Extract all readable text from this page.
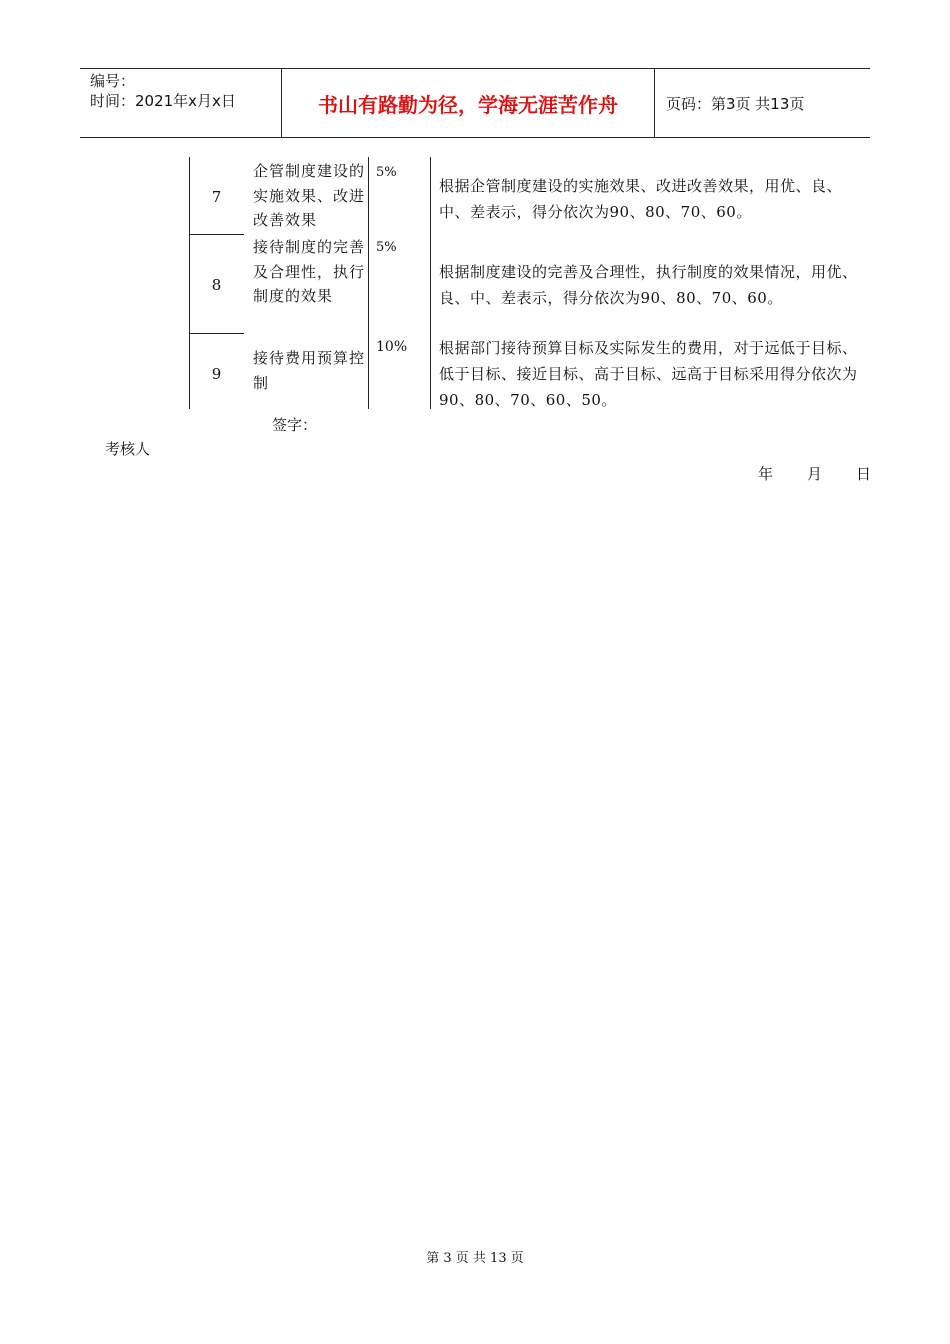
编号：
时间：2021年x月x日	书山有路勤为径，学海无涯苦作舟	页码：第3页 共13页
7
企管制度建设的实施效果、改进改善效果
5%
根据企管制度建设的实施效果、改进改善效果，用优、良、中、差表示，得分依次为90、80、70、60。
8
接待制度的完善及合理性，执行制度的效果
5%
根据制度建设的完善及合理性，执行制度的效果情况，用优、良、中、差表示，得分依次为90、80、70、60。
9
接待费用预算控制
10% 根据部门接待预算目标及实际发生的费用，对于远低于目标、低于目标、接近目标、高于目标、远高于目标采用得分依次为90、80、70、60、50。
签字：
考核人
年 月 日
第 3 页 共 13 页
